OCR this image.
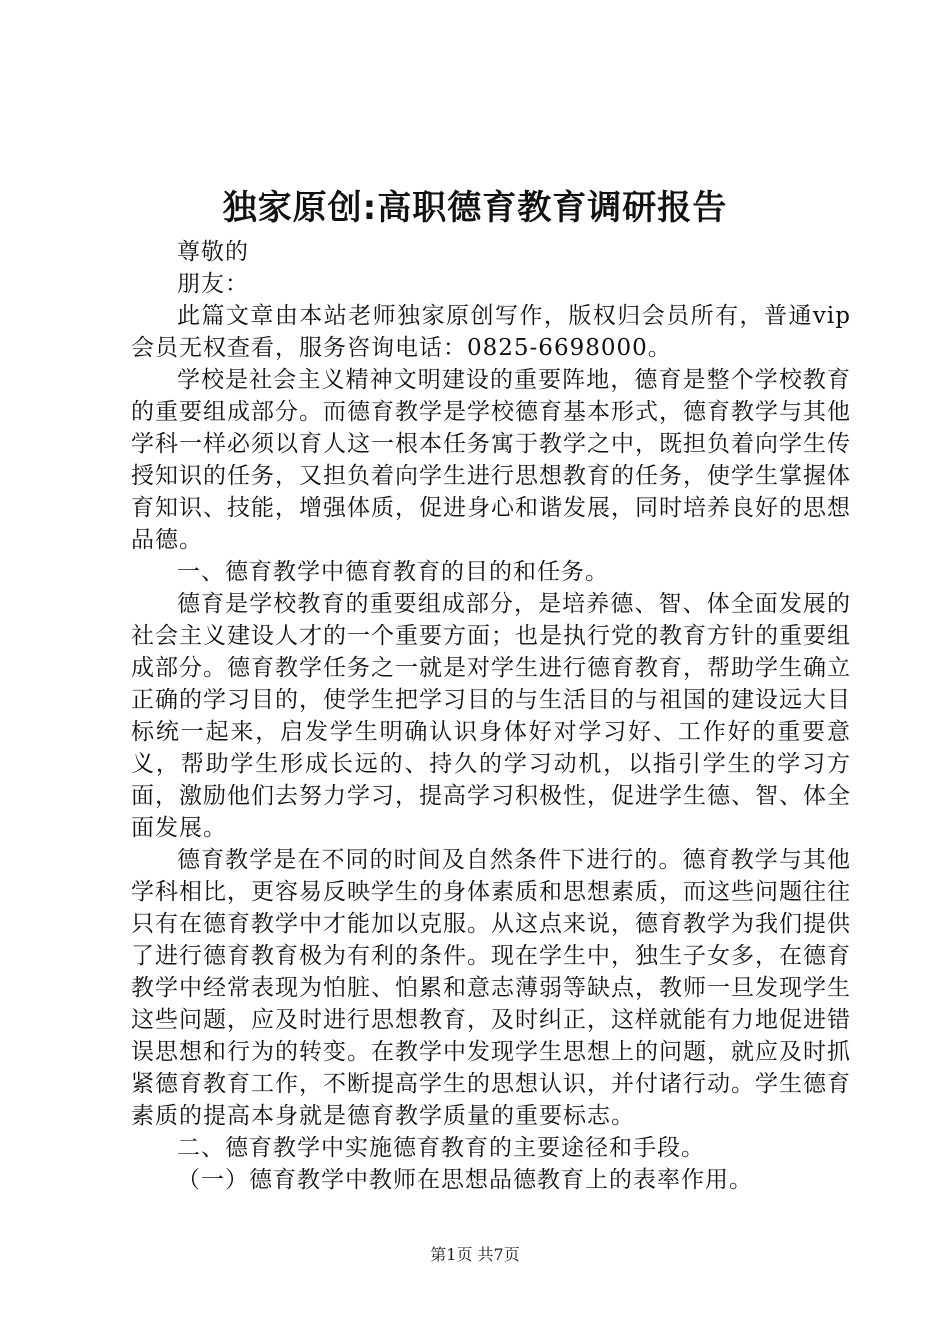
独家原创:高职德育教育调研报告

尊敬的

朋友：

此篇文章由本站老师独家原创写作，版权归会员所有，普通vip会员无权查看，服务咨询电话：0825-6698000。

学校是社会主义精神文明建设的重要阵地，德育是整个学校教育的重要组成部分。而德育教学是学校德育基本形式，德育教学与其他学科一样必须以育人这一根本任务寓于教学之中，既担负着向学生传授知识的任务，又担负着向学生进行思想教育的任务，使学生掌握体育知识、技能，增强体质，促进身心和谐发展，同时培养良好的思想品德。

一、德育教学中德育教育的目的和任务。

德育是学校教育的重要组成部分，是培养德、智、体全面发展的社会主义建设人才的一个重要方面；也是执行党的教育方针的重要组成部分。德育教学任务之一就是对学生进行德育教育，帮助学生确立正确的学习目的，使学生把学习目的与生活目的与祖国的建设远大目标统一起来，启发学生明确认识身体好对学习好、工作好的重要意义，帮助学生形成长远的、持久的学习动机，以指引学生的学习方面，激励他们去努力学习，提高学习积极性，促进学生德、智、体全面发展。

德育教学是在不同的时间及自然条件下进行的。德育教学与其他学科相比，更容易反映学生的身体素质和思想素质，而这些问题往往只有在德育教学中才能加以克服。从这点来说，德育教学为我们提供了进行德育教育极为有利的条件。现在学生中，独生子女多，在德育教学中经常表现为怕脏、怕累和意志薄弱等缺点，教师一旦发现学生这些问题，应及时进行思想教育，及时纠正，这样就能有力地促进错误思想和行为的转变。在教学中发现学生思想上的问题，就应及时抓紧德育教育工作，不断提高学生的思想认识，并付诸行动。学生德育素质的提高本身就是德育教学质量的重要标志。

二、德育教学中实施德育教育的主要途径和手段。

（一）德育教学中教师在思想品德教育上的表率作用。

第1页 共7页
